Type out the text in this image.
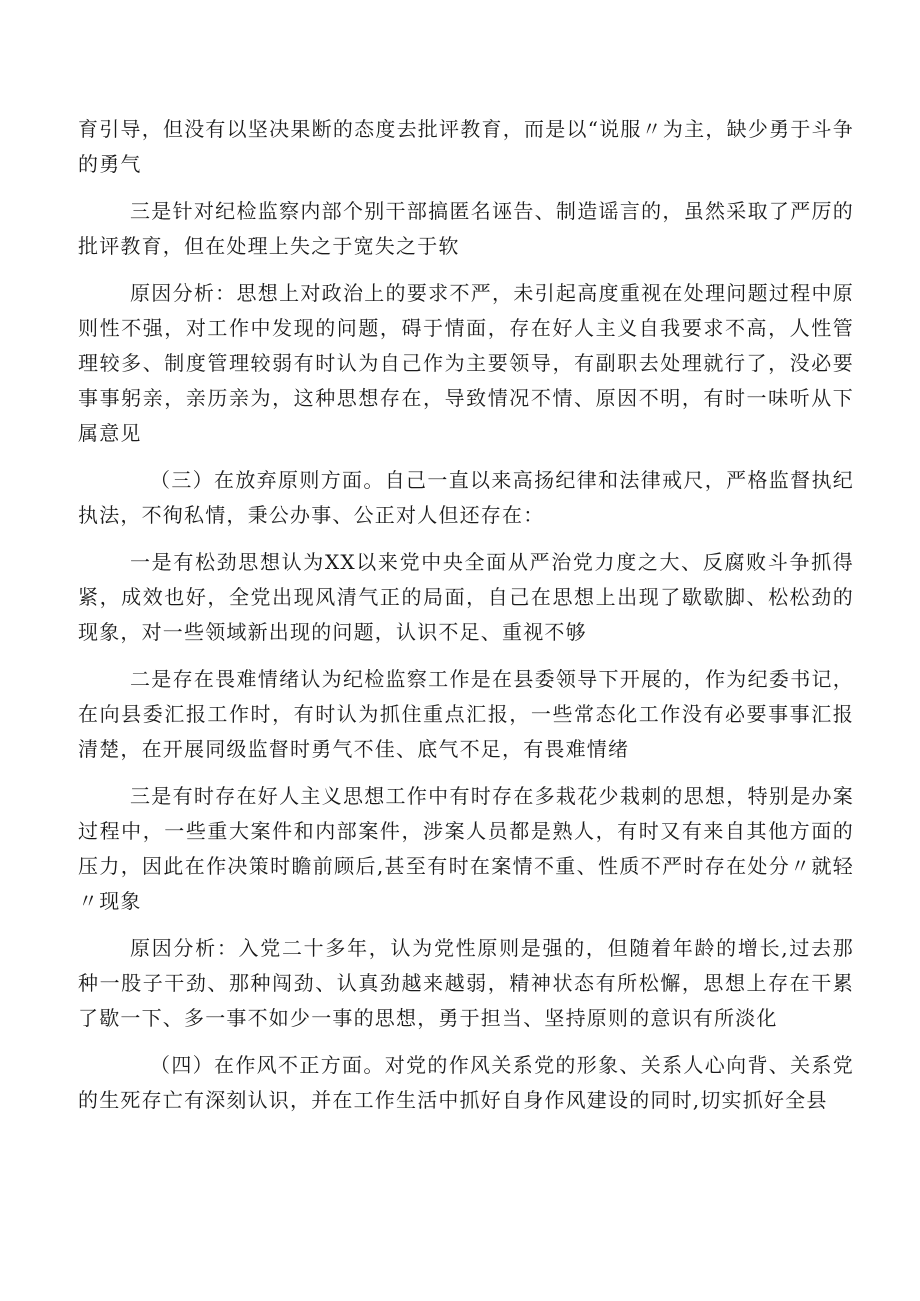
育引导，但没有以坚决果断的态度去批评教育，而是以“说服〃为主，缺少勇于斗争的勇气

三是针对纪检监察内部个别干部搞匿名诬告、制造谣言的，虽然采取了严厉的批评教育，但在处理上失之于宽失之于软

原因分析：思想上对政治上的要求不严，未引起高度重视在处理问题过程中原则性不强，对工作中发现的问题，碍于情面，存在好人主义自我要求不高，人性管理较多、制度管理较弱有时认为自己作为主要领导，有副职去处理就行了，没必要事事躬亲，亲历亲为，这种思想存在，导致情况不情、原因不明，有时一味听从下属意见

（三）在放弃原则方面。自己一直以来高扬纪律和法律戒尺，严格监督执纪执法，不徇私情，秉公办事、公正对人但还存在：

一是有松劲思想认为XX以来党中央全面从严治党力度之大、反腐败斗争抓得紧，成效也好，全党出现风清气正的局面，自己在思想上出现了歇歇脚、松松劲的现象，对一些领域新出现的问题，认识不足、重视不够

二是存在畏难情绪认为纪检监察工作是在县委领导下开展的，作为纪委书记，在向县委汇报工作时，有时认为抓住重点汇报，一些常态化工作没有必要事事汇报清楚，在开展同级监督时勇气不佳、底气不足，有畏难情绪

三是有时存在好人主义思想工作中有时存在多栽花少栽刺的思想，特别是办案过程中，一些重大案件和内部案件，涉案人员都是熟人，有时又有来自其他方面的压力，因此在作决策时瞻前顾后,甚至有时在案情不重、性质不严时存在处分〃就轻〃现象

原因分析：入党二十多年，认为党性原则是强的，但随着年龄的增长,过去那种一股子干劲、那种闯劲、认真劲越来越弱，精神状态有所松懈，思想上存在干累了歇一下、多一事不如少一事的思想，勇于担当、坚持原则的意识有所淡化

（四）在作风不正方面。对党的作风关系党的形象、关系人心向背、关系党的生死存亡有深刻认识，并在工作生活中抓好自身作风建设的同时,切实抓好全县
